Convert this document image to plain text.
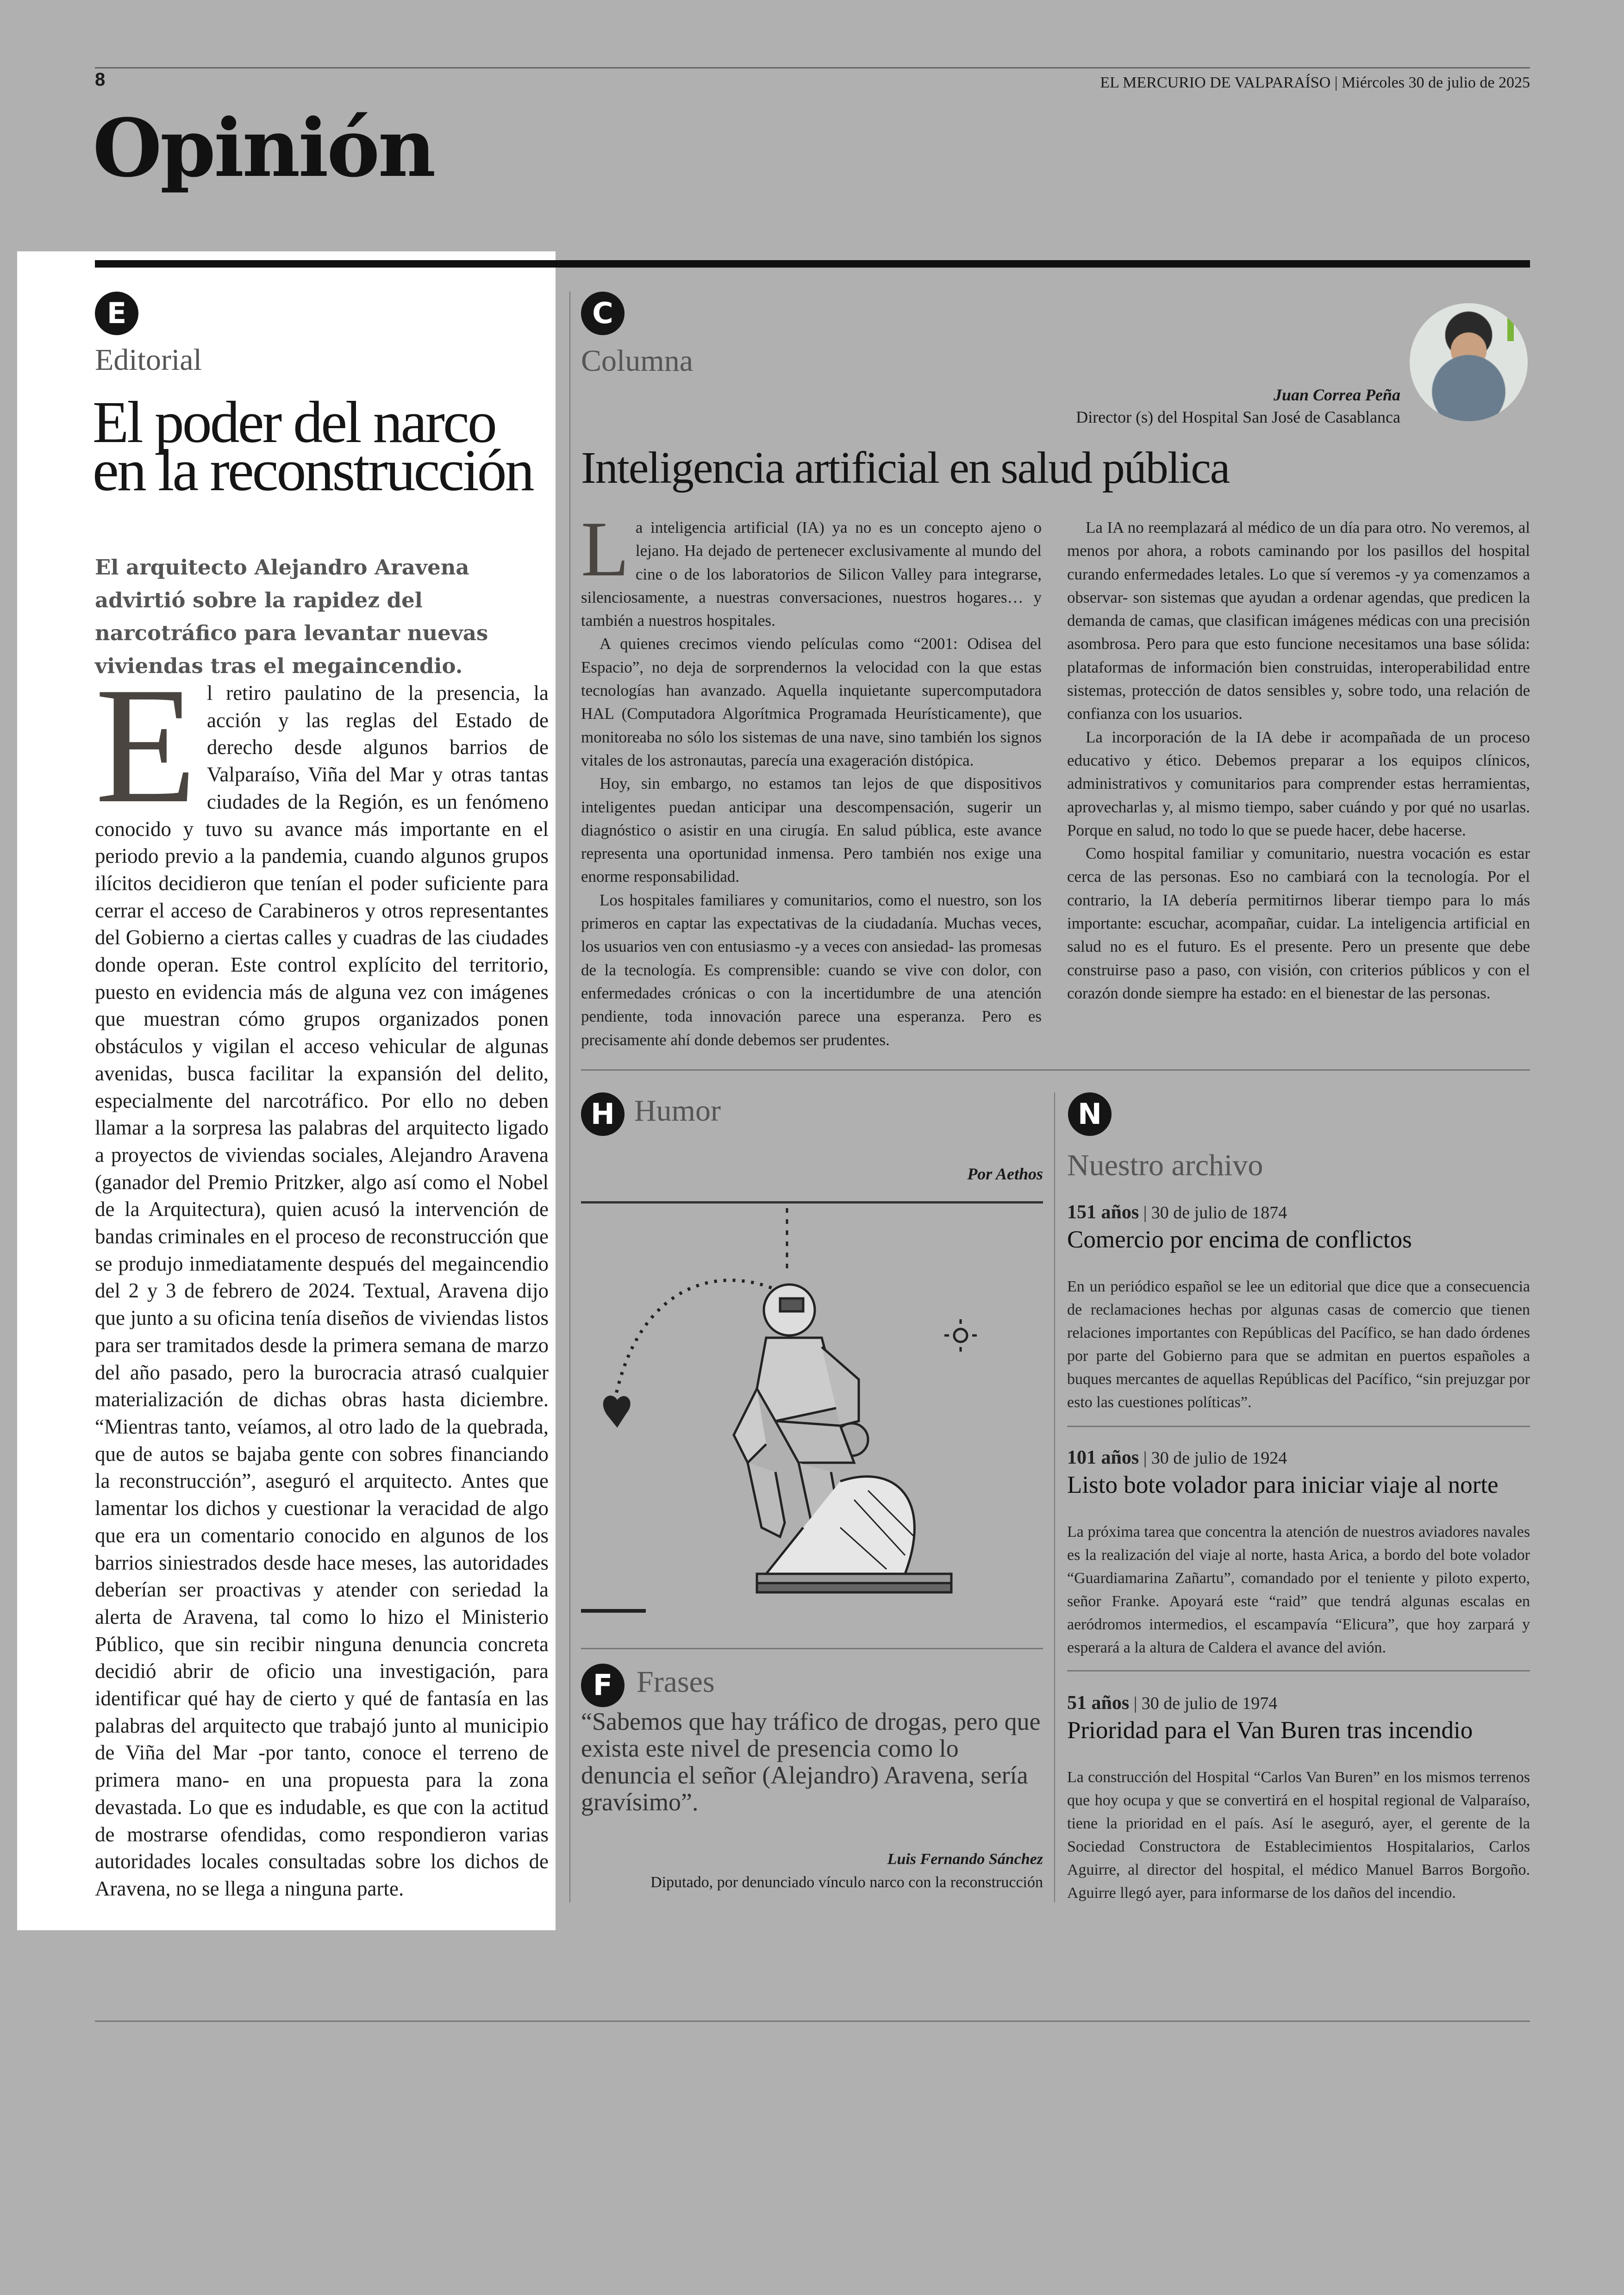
8	EL MERCURIO DE VALPARAÍSO | Miércoles 30 de julio de 2025
Opinión
E
Editorial
El poder del narco
en la reconstrucción
El arquitecto Alejandro Aravena advirtió sobre la rapidez del narcotráfico para levantar nuevas viviendas tras el megaincendio.
E l retiro paulatino de la presencia, la acción y las reglas del Estado de derecho desde algunos barrios de Valparaíso, Viña del Mar y otras tantas ciudades de la Región, es un fenómeno conocido y tuvo su avance más importante en el periodo previo a la pandemia, cuando algunos grupos ilícitos decidieron que tenían el poder suficiente para cerrar el acceso de Carabineros y otros representantes del Gobierno a ciertas calles y cuadras de las ciudades donde operan. Este control explícito del territorio, puesto en evidencia más de alguna vez con imágenes que muestran cómo grupos organizados ponen obstáculos y vigilan el acceso vehicular de algunas avenidas, busca facilitar la expansión del delito, especialmente del narcotráfico. Por ello no deben llamar a la sorpresa las palabras del arquitecto ligado a proyectos de viviendas sociales, Alejandro Aravena (ganador del Premio Pritzker, algo así como el Nobel de la Arquitectura), quien acusó la intervención de bandas criminales en el proceso de reconstrucción que se produjo inmediatamente después del megaincendio del 2 y 3 de febrero de 2024. Textual, Aravena dijo que junto a su oficina tenía diseños de viviendas listos para ser tramitados desde la primera semana de marzo del año pasado, pero la burocracia atrasó cualquier materialización de dichas obras hasta diciembre. “Mientras tanto, veíamos, al otro lado de la quebrada, que de autos se bajaba gente con sobres financiando la reconstrucción”, aseguró el arquitecto. Antes que lamentar los dichos y cuestionar la veracidad de algo que era un comentario conocido en algunos de los barrios siniestrados desde hace meses, las autoridades deberían ser proactivas y atender con seriedad la alerta de Aravena, tal como lo hizo el Ministerio Público, que sin recibir ninguna denuncia concreta decidió abrir de oficio una investigación, para identificar qué hay de cierto y qué de fantasía en las palabras del arquitecto que trabajó junto al municipio de Viña del Mar -por tanto, conoce el terreno de primera mano- en una propuesta para la zona devastada. Lo que es indudable, es que con la actitud de mostrarse ofendidas, como respondieron varias autoridades locales consultadas sobre los dichos de Aravena, no se llega a ninguna parte.
C
Columna
Juan Correa Peña
Director (s) del Hospital San José de Casablanca
Inteligencia artificial en salud pública

La inteligencia artificial (IA) ya no es un concepto ajeno o lejano. Ha dejado de pertenecer exclusivamente al mundo del cine o de los laboratorios de Silicon Valley para integrarse, silenciosamente, a nuestras conversaciones, nuestros hogares… y también a nuestros hospitales.

A quienes crecimos viendo películas como “2001: Odisea del Espacio”, no deja de sorprendernos la velocidad con la que estas tecnologías han avanzado. Aquella inquietante supercomputadora HAL (Computadora Algorítmica Programada Heurísticamente), que monitoreaba no sólo los sistemas de una nave, sino también los signos vitales de los astronautas, parecía una exageración distópica.

Hoy, sin embargo, no estamos tan lejos de que dispositivos inteligentes puedan anticipar una descompensación, sugerir un diagnóstico o asistir en una cirugía. En salud pública, este avance representa una oportunidad inmensa. Pero también nos exige una enorme responsabilidad.

Los hospitales familiares y comunitarios, como el nuestro, son los primeros en captar las expectativas de la ciudadanía. Muchas veces, los usuarios ven con entusiasmo -y a veces con ansiedad- las promesas de la tecnología. Es comprensible: cuando se vive con dolor, con enfermedades crónicas o con la incertidumbre de una atención pendiente, toda innovación parece una esperanza. Pero es precisamente ahí donde debemos ser prudentes.

La IA no reemplazará al médico de un día para otro. No veremos, al menos por ahora, a robots caminando por los pasillos del hospital curando enfermedades letales. Lo que sí veremos -y ya comenzamos a observar- son sistemas que ayudan a ordenar agendas, que predicen la demanda de camas, que clasifican imágenes médicas con una precisión asombrosa. Pero para que esto funcione necesitamos una base sólida: plataformas de información bien construidas, interoperabilidad entre sistemas, protección de datos sensibles y, sobre todo, una relación de confianza con los usuarios.

La incorporación de la IA debe ir acompañada de un proceso educativo y ético. Debemos preparar a los equipos clínicos, administrativos y comunitarios para comprender estas herramientas, aprovecharlas y, al mismo tiempo, saber cuándo y por qué no usarlas. Porque en salud, no todo lo que se puede hacer, debe hacerse.

Como hospital familiar y comunitario, nuestra vocación es estar cerca de las personas. Eso no cambiará con la tecnología. Por el contrario, la IA debería permitirnos liberar tiempo para lo más importante: escuchar, acompañar, cuidar. La inteligencia artificial en salud no es el futuro. Es el presente. Pero un presente que debe construirse paso a paso, con visión, con criterios públicos y con el corazón donde siempre ha estado: en el bienestar de las personas.

H Humor
Por Aethos
F Frases
“Sabemos que hay tráfico de drogas, pero que exista este nivel de presencia como lo denuncia el señor (Alejandro) Aravena, sería gravísimo”.
Luis Fernando Sánchez
Diputado, por denunciado vínculo narco con la reconstrucción
N
Nuestro archivo
151 años | 30 de julio de 1874
Comercio por encima de conflictos
En un periódico español se lee un editorial que dice que a consecuencia de reclamaciones hechas por algunas casas de comercio que tienen relaciones importantes con Repúblicas del Pacífico, se han dado órdenes por parte del Gobierno para que se admitan en puertos españoles a buques mercantes de aquellas Repúblicas del Pacífico, “sin prejuzgar por esto las cuestiones políticas”.
101 años | 30 de julio de 1924
Listo bote volador para iniciar viaje al norte
La próxima tarea que concentra la atención de nuestros aviadores navales es la realización del viaje al norte, hasta Arica, a bordo del bote volador “Guardiamarina Zañartu”, comandado por el teniente y piloto experto, señor Franke. Apoyará este “raid” que tendrá algunas escalas en aeródromos intermedios, el escampavía “Elicura”, que hoy zarpará y esperará a la altura de Caldera el avance del avión.
51 años | 30 de julio de 1974
Prioridad para el Van Buren tras incendio
La construcción del Hospital “Carlos Van Buren” en los mismos terrenos que hoy ocupa y que se convertirá en el hospital regional de Valparaíso, tiene la prioridad en el país. Así le aseguró, ayer, el gerente de la Sociedad Constructora de Establecimientos Hospitalarios, Carlos Aguirre, al director del hospital, el médico Manuel Barros Borgoño. Aguirre llegó ayer, para informarse de los daños del incendio.
